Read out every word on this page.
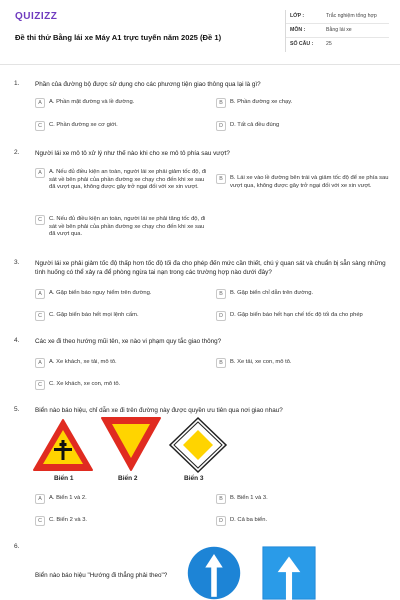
QUIZIZZ
Đề thi thử Bằng lái xe Máy A1 trực tuyến năm 2025 (Đề 1)
LỚP :	Trắc nghiệm tổng hợp
MÔN :	Bằng lái xe
SỐ CÂU : 25
1. Phần của đường bộ được sử dụng cho các phương tiện giao thông qua lại là gì?
A	A. Phần mặt đường và lề đường.	B	B. Phần đường xe chạy.
C	C. Phần đường xe cơ giới.	D	D. Tất cả đều đúng
2. Người lái xe mô tô xử lý như thế nào khi cho xe mô tô phía sau vượt?
A	A. Nếu đủ điều kiện an toàn, người lái xe phải giảm tốc độ, đi sát về bên phải của phần đường xe chạy cho đến khi xe sau đã vượt qua, không được gây trở ngại đối với xe xin vượt.
B	B. Lái xe vào lề đường bên trái và giảm tốc độ để xe phía sau vượt qua, không được gây trở ngại đối với xe xin vượt.
C	C. Nếu đủ điều kiện an toàn, người lái xe phải tăng tốc độ, đi sát về bên phải của phần đường xe chạy cho đến khi xe sau đã vượt qua.
3. Người lái xe phải giảm tốc độ thấp hơn tốc độ tối đa cho phép đến mức cần thiết, chú ý quan sát và chuẩn bị sẵn sàng những tình huống có thể xảy ra để phòng ngừa tai nạn trong các trường hợp nào dưới đây?
A	A. Gặp biển báo nguy hiểm trên đường.	B	B. Gặp biển chỉ dẫn trên đường.
C	C. Gặp biển báo hết mọi lệnh cấm.	D	D. Gặp biển báo hết hạn chế tốc độ tối đa cho phép
4. Các xe đi theo hướng mũi tên, xe nào vi phạm quy tắc giao thông?
A	A. Xe khách, xe tải, mô tô.	B	B. Xe tải, xe con, mô tô.
C	C. Xe khách, xe con, mô tô.
5. Biển nào báo hiệu, chỉ dẫn xe đi trên đường này được quyền ưu tiên qua nơi giao nhau?
Biển 1	Biển 2	Biển 3
A	A. Biển 1 và 2.	B	B. Biển 1 và 3.
C	C. Biển 2 và 3.	D	D. Cả ba biển.
6.
Biển nào báo hiệu "Hướng đi thẳng phải theo"?
